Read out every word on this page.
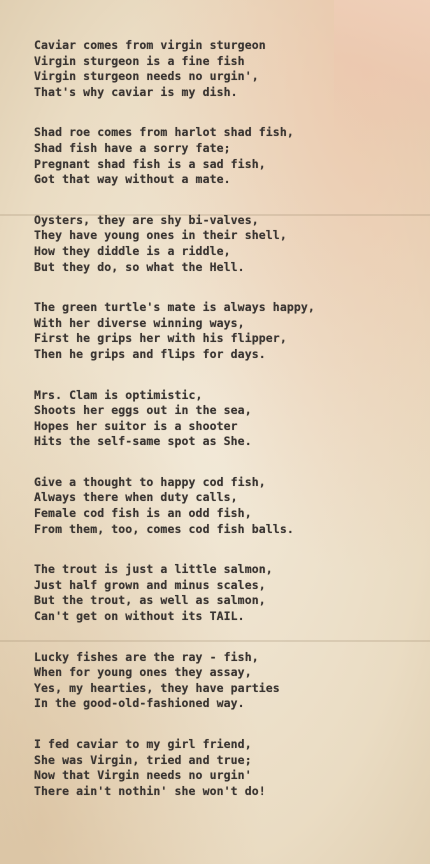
Caviar comes from virgin sturgeon
Virgin sturgeon is a fine fish
Virgin sturgeon needs no urgin',
That's why caviar is my dish.
Shad roe comes from harlot shad fish,
Shad fish have a sorry fate;
Pregnant shad fish is a sad fish,
Got that way without a mate.
Oysters, they are shy bi-valves,
They have young ones in their shell,
How they diddle is a riddle,
But they do, so what the Hell.
The green turtle's mate is always happy,
With her diverse winning ways,
First he grips her with his flipper,
Then he grips and flips for days.
Mrs. Clam is optimistic,
Shoots her eggs out in the sea,
Hopes her suitor is a shooter
Hits the self-same spot as She.
Give a thought to happy cod fish,
Always there when duty calls,
Female cod fish is an odd fish,
From them, too, comes cod fish balls.
The trout is just a little salmon,
Just half grown and minus scales,
But the trout, as well as salmon,
Can't get on without its TAIL.
Lucky fishes are the ray - fish,
When for young ones they assay,
Yes, my hearties, they have parties
In the good-old-fashioned way.
I fed caviar to my girl friend,
She was Virgin, tried and true;
Now that Virgin needs no urgin'
There ain't nothin' she won't do!
